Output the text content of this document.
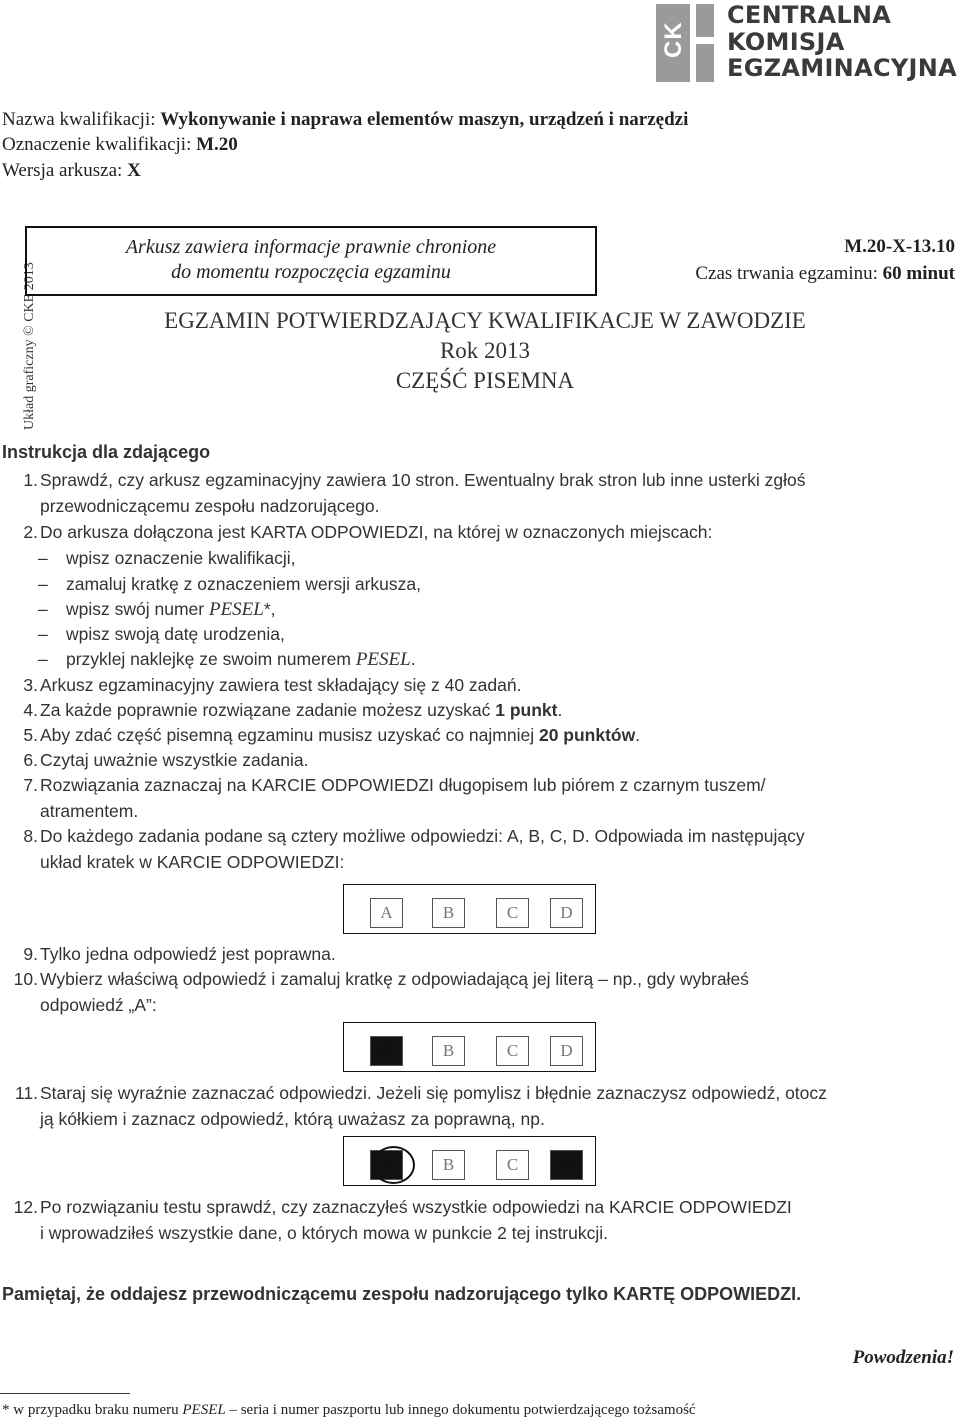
CK
CENTRALNA
KOMISJA
EGZAMINACYJNA
Nazwa kwalifikacji: Wykonywanie i naprawa elementów maszyn, urządzeń i narzędzi
Oznaczenie kwalifikacji: M.20
Wersja arkusza: X
Układ graficzny © CKE 2013
Arkusz zawiera informacje prawnie chronione
do momentu rozpoczęcia egzaminu
M.20-X-13.10
Czas trwania egzaminu: 60 minut
EGZAMIN POTWIERDZAJĄCY KWALIFIKACJE W ZAWODZIE
Rok 2013
CZĘŚĆ PISEMNA
Instrukcja dla zdającego
1. Sprawdź, czy arkusz egzaminacyjny zawiera 10 stron. Ewentualny brak stron lub inne usterki zgłoś
przewodniczącemu zespołu nadzorującego.
2. Do arkusza dołączona jest KARTA ODPOWIEDZI, na której w oznaczonych miejscach:
– wpisz oznaczenie kwalifikacji,
– zamaluj kratkę z oznaczeniem wersji arkusza,
– wpisz swój numer PESEL*,
– wpisz swoją datę urodzenia,
– przyklej naklejkę ze swoim numerem PESEL.
3. Arkusz egzaminacyjny zawiera test składający się z 40 zadań.
4. Za każde poprawnie rozwiązane zadanie możesz uzyskać 1 punkt.
5. Aby zdać część pisemną egzaminu musisz uzyskać co najmniej 20 punktów.
6. Czytaj uważnie wszystkie zadania.
7. Rozwiązania zaznaczaj na KARCIE ODPOWIEDZI długopisem lub piórem z czarnym tuszem/
atramentem.
8. Do każdego zadania podane są cztery możliwe odpowiedzi: A, B, C, D. Odpowiada im następujący
układ kratek w KARCIE ODPOWIEDZI:
A	B	C	D
9. Tylko jedna odpowiedź jest poprawna.
10. Wybierz właściwą odpowiedź i zamaluj kratkę z odpowiadającą jej literą – np., gdy wybrałeś
odpowiedź „A”:
A	B	C	D
11. Staraj się wyraźnie zaznaczać odpowiedzi. Jeżeli się pomylisz i błędnie zaznaczysz odpowiedź, otocz
ją kółkiem i zaznacz odpowiedź, którą uważasz za poprawną, np.
A	B	C	D
12. Po rozwiązaniu testu sprawdź, czy zaznaczyłeś wszystkie odpowiedzi na KARCIE ODPOWIEDZI
i wprowadziłeś wszystkie dane, o których mowa w punkcie 2 tej instrukcji.
Pamiętaj, że oddajesz przewodniczącemu zespołu nadzorującego tylko KARTĘ ODPOWIEDZI.
Powodzenia!
* w przypadku braku numeru PESEL – seria i numer paszportu lub innego dokumentu potwierdzającego tożsamość
